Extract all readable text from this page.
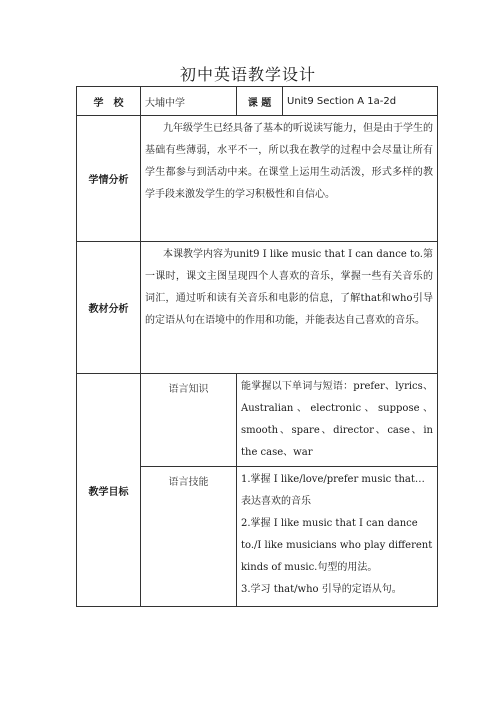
初中英语教学设计
学　校	大埔中学	课 题	Unit9 Section A 1a-2d
学情分析	九年级学生已经具备了基本的听说读写能力，但是由于学生的基础有些薄弱，水平不一，所以我在教学的过程中会尽量让所有学生都参与到活动中来。在课堂上运用生动活泼，形式多样的教学手段来激发学生的学习积极性和自信心。		
教材分析	本课教学内容为unit9 I like music that I can dance to.第一课时，课文主图呈现四个人喜欢的音乐，掌握一些有关音乐的词汇，通过听和读有关音乐和电影的信息，了解that和who引导的定语从句在语境中的作用和功能，并能表达自己喜欢的音乐。		
教学目标	语言知识	能掌握以下单词与短语：prefer、lyrics、Australian、electronic、suppose、smooth、spare、director、case、in the case、war	
	语言技能	1.掌握 I like/love/prefer music that…表达喜欢的音乐
2.掌握 I like music that I can dance to./I like musicians who play different kinds of music.句型的用法。
3.学习 that/who 引导的定语从句。	
